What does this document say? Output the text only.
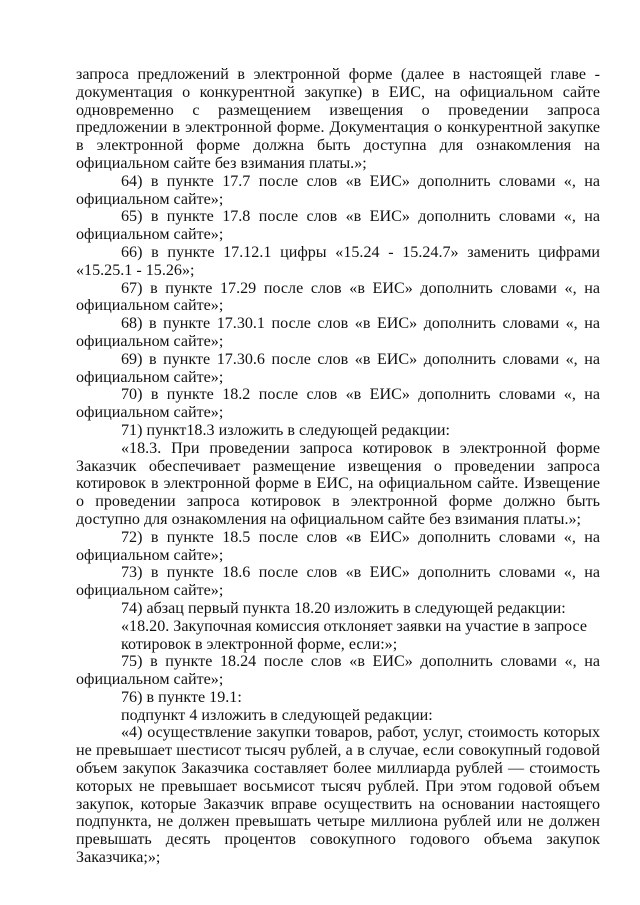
запроса предложений в электронной форме (далее в настоящей главе - документация о конкурентной закупке) в ЕИС, на официальном сайте одновременно с размещением извещения о проведении запроса предложении в электронной форме. Документация о конкурентной закупке в электронной форме должна быть доступна для ознакомления на официальном сайте без взимания платы.»;

64) в пункте 17.7 после слов «в ЕИС» дополнить словами «, на официальном сайте»;

65) в пункте 17.8 после слов «в ЕИС» дополнить словами «, на официальном сайте»;

66) в пункте 17.12.1 цифры «15.24 - 15.24.7» заменить цифрами «15.25.1 - 15.26»;

67) в пункте 17.29 после слов «в ЕИС» дополнить словами «, на официальном сайте»;

68) в пункте 17.30.1 после слов «в ЕИС» дополнить словами «, на официальном сайте»;

69) в пункте 17.30.6 после слов «в ЕИС» дополнить словами «, на официальном сайте»;

70) в пункте 18.2 после слов «в ЕИС» дополнить словами «, на официальном сайте»;

71) пункт18.3 изложить в следующей редакции:

«18.3. При проведении запроса котировок в электронной форме Заказчик обеспечивает размещение извещения о проведении запроса котировок в электронной форме в ЕИС, на официальном сайте. Извещение о проведении запроса котировок в электронной форме должно быть доступно для ознакомления на официальном сайте без взимания платы.»;

72) в пункте 18.5 после слов «в ЕИС» дополнить словами «, на официальном сайте»;

73) в пункте 18.6 после слов «в ЕИС» дополнить словами «, на официальном сайте»;

74) абзац первый пункта 18.20 изложить в следующей редакции:

«18.20. Закупочная комиссия отклоняет заявки на участие в запросе котировок в электронной форме, если:»;

75) в пункте 18.24 после слов «в ЕИС» дополнить словами «, на официальном сайте»;

76) в пункте 19.1:

подпункт 4 изложить в следующей редакции:

«4) осуществление закупки товаров, работ, услуг, стоимость которых не превышает шестисот тысяч рублей, а в случае, если совокупный годовой объем закупок Заказчика составляет более миллиарда рублей — стоимость которых не превышает восьмисот тысяч рублей. При этом годовой объем закупок, которые Заказчик вправе осуществить на основании настоящего подпункта, не должен превышать четыре миллиона рублей или не должен превышать десять процентов совокупного годового объема закупок Заказчика;»;
